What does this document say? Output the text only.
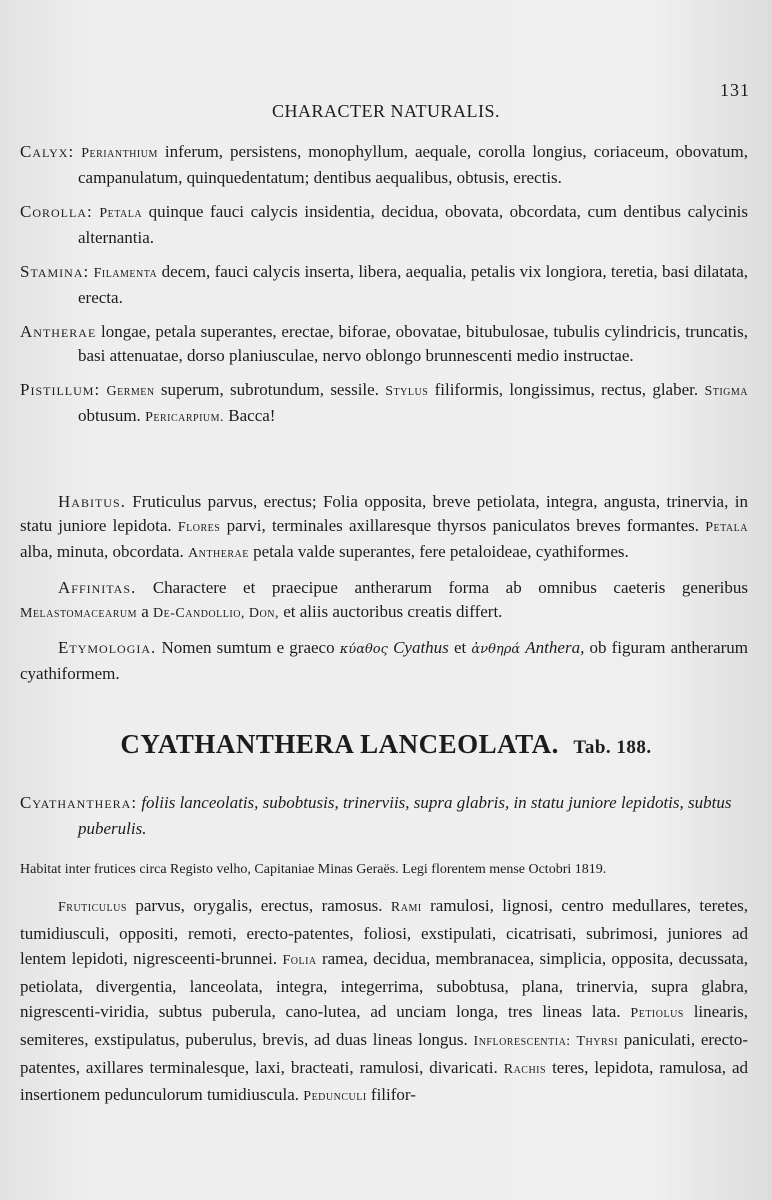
131
CHARACTER NATURALIS.

Calyx: Perianthium inferum, persistens, monophyllum, aequale, corolla longius, coriaceum, obovatum, campanulatum, quinquedentatum; dentibus aequalibus, obtusis, erectis.

Corolla: Petala quinque fauci calycis insidentia, decidua, obovata, obcordata, cum dentibus calycinis alternantia.

Stamina: Filamenta decem, fauci calycis inserta, libera, aequalia, petalis vix longiora, teretia, basi dilatata, erecta.

Antherae longae, petala superantes, erectae, biforae, obovatae, bitubulosae, tubulis cylindricis, truncatis, basi attenuatae, dorso planiusculae, nervo oblongo brunnescenti medio instructae.

Pistillum: Germen superum, subrotundum, sessile. Stylus filiformis, longissimus, rectus, glaber. Stigma obtusum. Pericarpium. Bacca!

Habitus. Fruticulus parvus, erectus; Folia opposita, breve petiolata, integra, angusta, trinervia, in statu juniore lepidota. Flores parvi, terminales axillaresque thyrsos paniculatos breves formantes. Petala alba, minuta, obcordata. Antherae petala valde superantes, fere petaloideae, cyathiformes.

Affinitas. Charactere et praecipue antherarum forma ab omnibus caeteris generibus Melastomacearum a De-Candollio, Don, et aliis auctoribus creatis differt.

Etymologia. Nomen sumtum e graeco κύαθος Cyathus et ἀνθηρά Anthera, ob figuram antherarum cyathiformem.

CYATHANTHERA LANCEOLATA. Tab. 188.

Cyathanthera: foliis lanceolatis, subobtusis, trinerviis, supra glabris, in statu juniore lepidotis, subtus puberulis.

Habitat inter frutices circa Registo velho, Capitaniae Minas Geraës. Legi florentem mense Octobri 1819.

Fruticulus parvus, orygalis, erectus, ramosus. Rami ramulosi, lignosi, centro medullares, teretes, tumidiusculi, oppositi, remoti, erecto-patentes, foliosi, exstipulati, cicatrisati, subrimosi, juniores ad lentem lepidoti, nigresceenti-brunnei. Folia ramea, decidua, membranacea, simplicia, opposita, decussata, petiolata, divergentia, lanceolata, integra, integerrima, subobtusa, plana, trinervia, supra glabra, nigrescenti-viridia, subtus puberula, cano-lutea, ad unciam longa, tres lineas lata. Petiolus linearis, semiteres, exstipulatus, puberulus, brevis, ad duas lineas longus. Inflorescentia: Thyrsi paniculati, erecto-patentes, axillares terminalesque, laxi, bracteati, ramulosi, divaricati. Rachis teres, lepidota, ramulosa, ad insertionem pedunculorum tumidiuscula. Pedunculi filifor-
